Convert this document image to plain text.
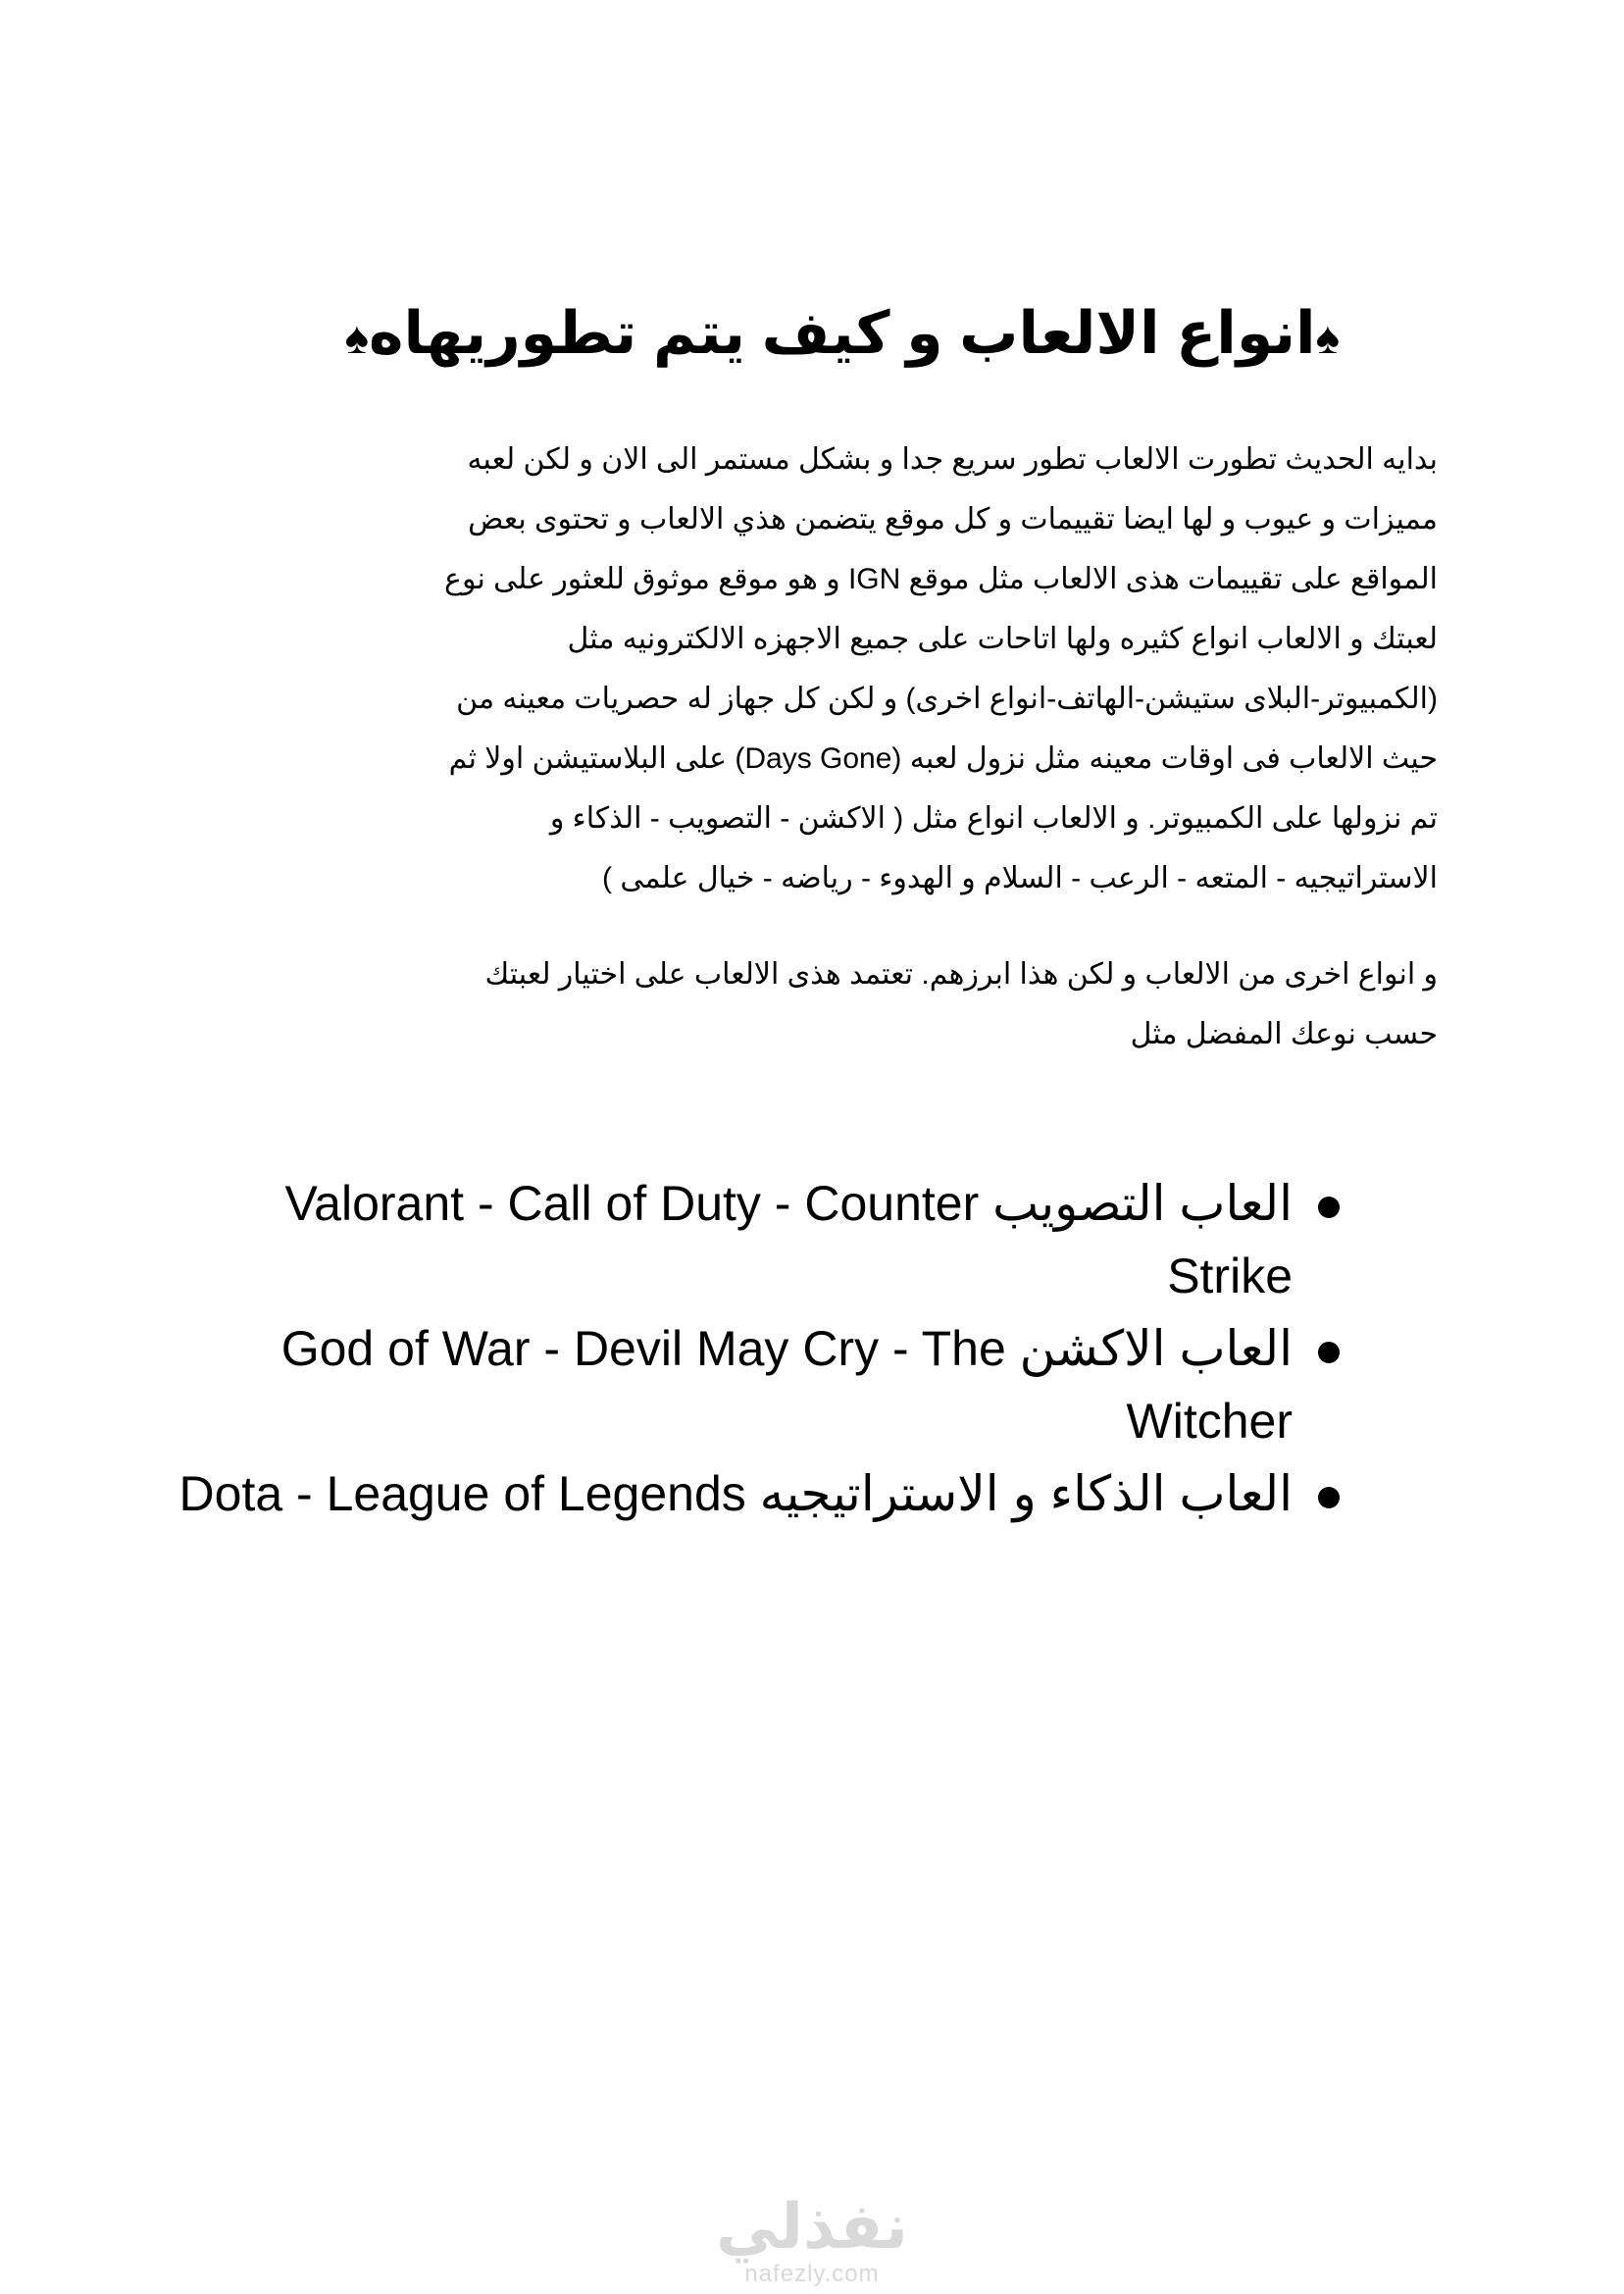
♠انواع الالعاب و كيف يتم تطوريهاه♠
بدايه الحديث تطورت الالعاب تطور سريع جدا و بشكل مستمر الى الان و لكن لعبه
مميزات و عيوب و لها ايضا تقييمات و كل موقع يتضمن هذي الالعاب و تحتوى بعض
المواقع على تقييمات هذى الالعاب مثل موقع IGN و هو موقع موثوق للعثور على نوع
لعبتك و الالعاب انواع كثيره ولها اتاحات على جميع الاجهزه الالكترونيه مثل
(الكمبيوتر-البلاى ستيشن-الهاتف-انواع اخرى) و لكن كل جهاز له حصريات معينه من
حيث الالعاب فى اوقات معينه مثل نزول لعبه (Days Gone) على البلاستيشن اولا ثم
تم نزولها على الكمبيوتر. و الالعاب انواع مثل ( الاكشن - التصويب - الذكاء و
الاستراتيجيه - المتعه - الرعب - السلام و الهدوء - رياضه - خيال علمى )
و انواع اخرى من الالعاب و لكن هذا ابرزهم. تعتمد هذى الالعاب على اختيار لعبتك
حسب نوعك المفضل مثل
العاب التصويب Valorant - Call of Duty - Counter
Strike
العاب الاكشن God of War - Devil May Cry - The
Witcher
العاب الذكاء و الاستراتيجيه Dota - League of Legends
نفذلي
nafezly.com
